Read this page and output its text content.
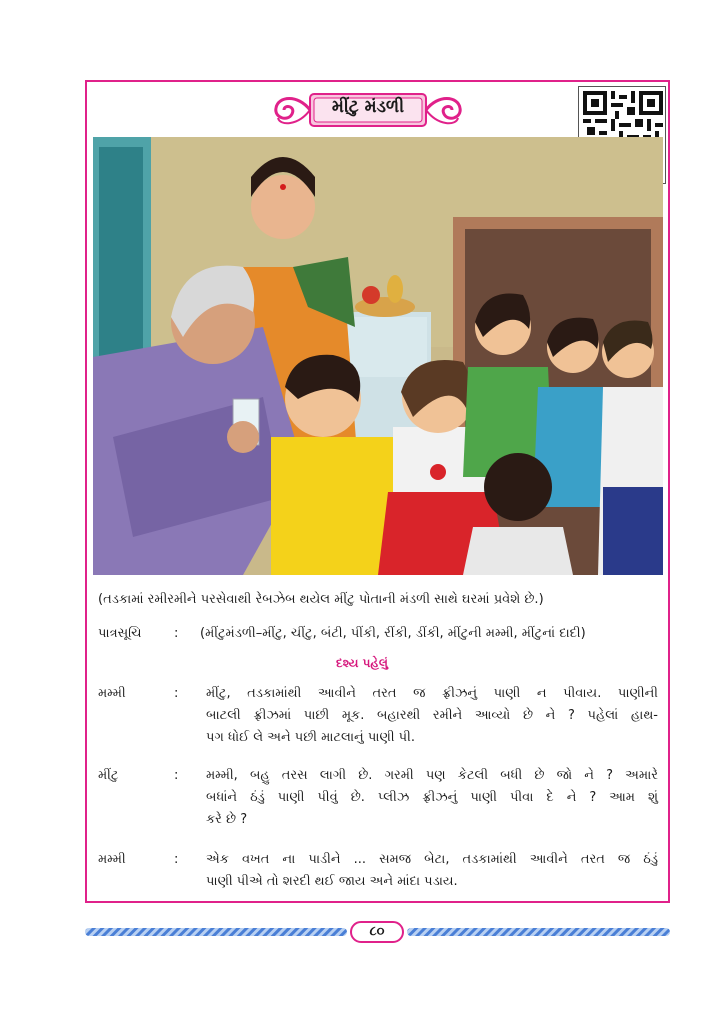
મીંટુ મંડળી
(તડકામાં રમીરમીને પરસેવાથી રેબઝેબ થયેલ મીંટુ પોતાની મંડળી સાથે ઘરમાં પ્રવેશે છે.)
પાત્રસૂચિ	: (મીંટુમંડળી–મીંટુ, ચીંટુ, બંટી, પીંકી, રીંકી, ડીંકી, મીંટુની મમ્મી, મીંટુનાં દાદી)
દશ્ય પહેલું
મમ્મી	: મીંટુ, તડકામાંથી આવીને તરત જ ફ્રીઝનું પાણી ન પીવાય. પાણીની
બાટલી ફ્રીઝમાં પાછી મૂક. બહારથી રમીને આવ્યો છે ને ? પહેલાં હાથ-
પગ ધોઈ લે અને પછી માટલાનું પાણી પી.
મીંટુ	: મમ્મી, બહુ તરસ લાગી છે. ગરમી પણ કેટલી બધી છે જો ને ? અમારે
બધાંને ઠંડું પાણી પીવું છે. પ્લીઝ ફ્રીઝનું પાણી પીવા દે ને ? આમ શું
કરે છે ?
મમ્મી	: એક વખત ના પાડીને ... સમજ બેટા, તડકામાંથી આવીને તરત જ ઠંડું
પાણી પીએ તો શરદી થઈ જાય અને માંદા પડાય.
૮૦
